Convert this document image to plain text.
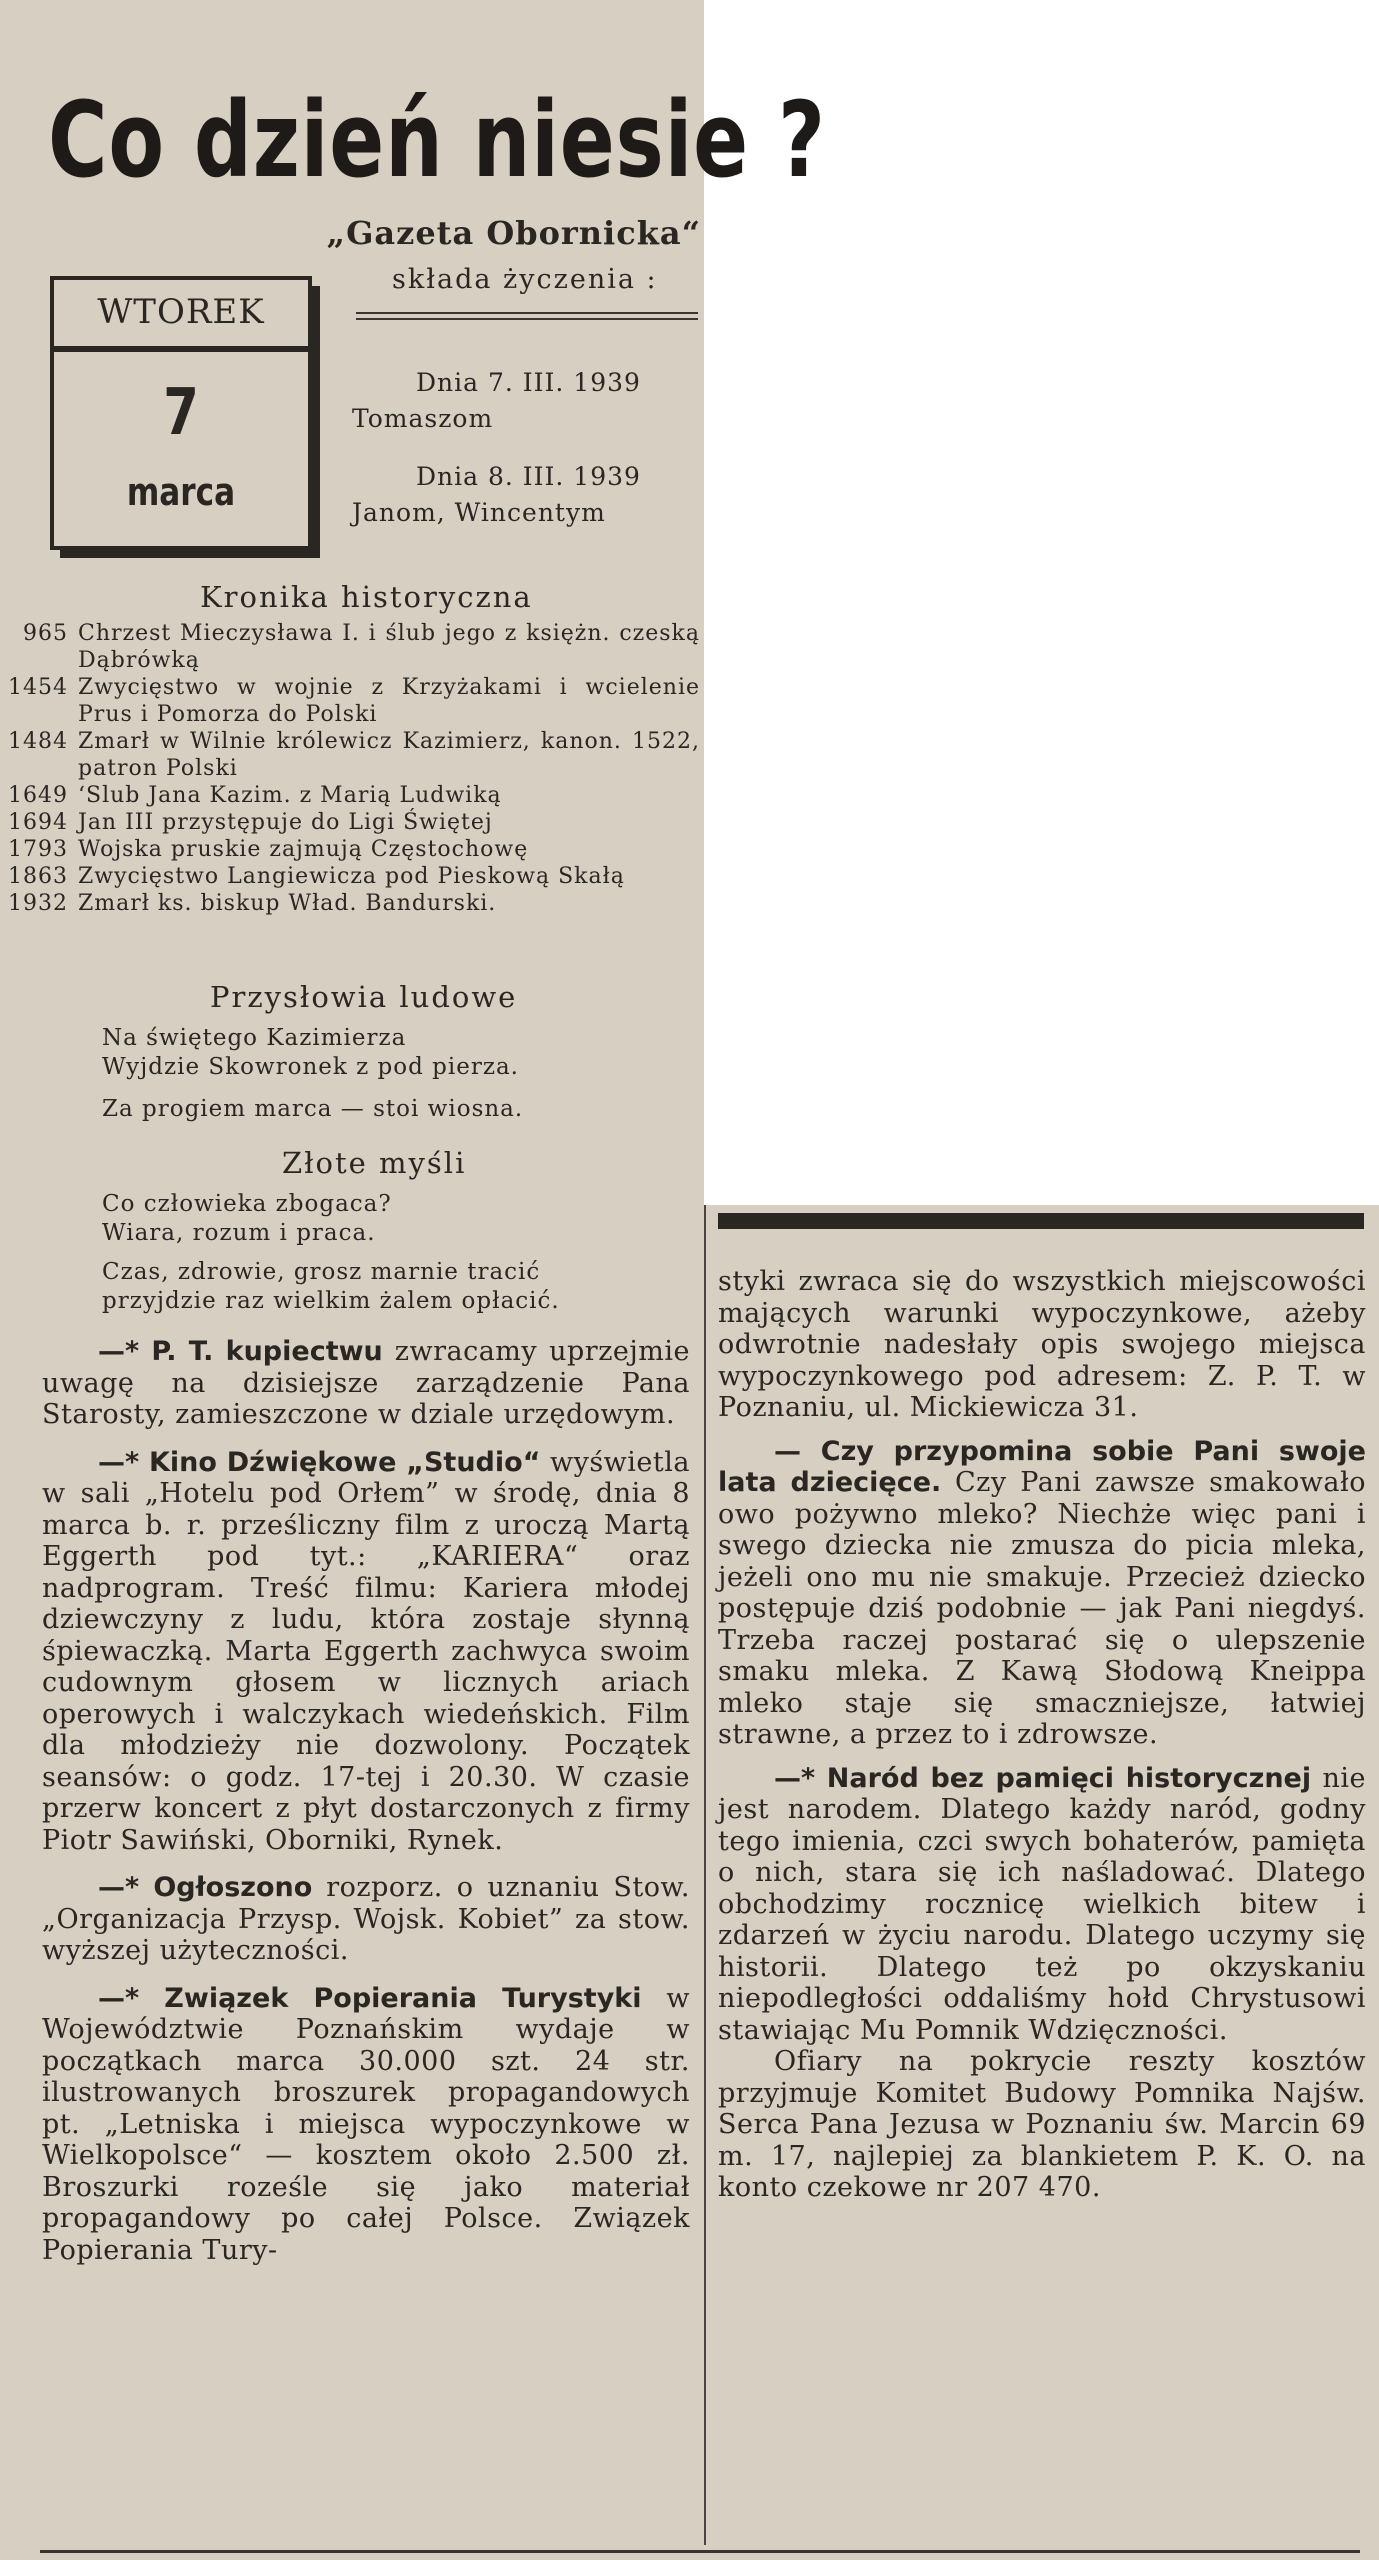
Co dzień niesie ?
„Gazeta Obornicka“
składa życzenia :
WTOREK
7
marca
Dnia 7. III. 1939
Tomaszom
Dnia 8. III. 1939
Janom, Wincentym
Kronika historyczna
965 Chrzest Mieczysława I. i ślub jego z księżn. czeską Dąbrówką
1454 Zwycięstwo w wojnie z Krzyżakami i wcielenie Prus i Pomorza do Polski
1484 Zmarł w Wilnie królewicz Kazimierz, kanon. 1522, patron Polski
1649 ‘Slub Jana Kazim. z Marią Ludwiką
1694 Jan III przystępuje do Ligi Świętej
1793 Wojska pruskie zajmują Częstochowę
1863 Zwycięstwo Langiewicza pod Pieskową Skałą
1932 Zmarł ks. biskup Wład. Bandurski.
Przysłowia ludowe
Na świętego Kazimierza
Wyjdzie Skowronek z pod pierza.
Za progiem marca — stoi wiosna.
Złote myśli
Co człowieka zbogaca?
Wiara, rozum i praca.
Czas, zdrowie, grosz marnie tracić
przyjdzie raz wielkim żalem opłacić.

—* P. T. kupiectwu zwracamy uprzejmie uwagę na dzisiejsze zarządzenie Pana Starosty, zamieszczone w dziale urzędowym.

—* Kino Dźwiękowe „Studio“ wyświetla w sali „Hotelu pod Orłem” w środę, dnia 8 marca b. r. prześliczny film z uroczą Martą Eggerth pod tyt.: „KARIERA“ oraz nadprogram. Treść filmu: Kariera młodej dziewczyny z ludu, która zostaje słynną śpiewaczką. Marta Eggerth zachwyca swoim cudownym głosem w licznych ariach operowych i walczykach wiedeńskich. Film dla młodzieży nie dozwolony. Początek seansów: o godz. 17-tej i 20.30. W czasie przerw koncert z płyt dostarczonych z firmy Piotr Sawiński, Oborniki, Rynek.

—* Ogłoszono rozporz. o uznaniu Stow. „Organizacja Przysp. Wojsk. Kobiet” za stow. wyższej użyteczności.

—* Związek Popierania Turystyki w Województwie Poznańskim wydaje w początkach marca 30.000 szt. 24 str. ilustrowanych broszurek propagandowych pt. „Letniska i miejsca wypoczynkowe w Wielkopolsce“ — kosztem około 2.500 zł. Broszurki roześle się jako materiał propagandowy po całej Polsce. Związek Popierania Tury-

styki zwraca się do wszystkich miejscowości mających warunki wypoczynkowe, ażeby odwrotnie nadesłały opis swojego miejsca wypoczynkowego pod adresem: Z. P. T. w Poznaniu, ul. Mickiewicza 31.

— Czy przypomina sobie Pani swoje lata dziecięce. Czy Pani zawsze smakowało owo pożywno mleko? Niechże więc pani i swego dziecka nie zmusza do picia mleka, jeżeli ono mu nie smakuje. Przecież dziecko postępuje dziś podobnie — jak Pani niegdyś. Trzeba raczej postarać się o ulepszenie smaku mleka. Z Kawą Słodową Kneippa mleko staje się smaczniejsze, łatwiej strawne, a przez to i zdrowsze.

—* Naród bez pamięci historycznej nie jest narodem. Dlatego każdy naród, godny tego imienia, czci swych bohaterów, pamięta o nich, stara się ich naśladować. Dlatego obchodzimy rocznicę wielkich bitew i zdarzeń w życiu narodu. Dlatego uczymy się historii. Dlatego też po okzyskaniu niepodległości oddaliśmy hołd Chrystusowi stawiając Mu Pomnik Wdzięczności.

Ofiary na pokrycie reszty kosztów przyjmuje Komitet Budowy Pomnika Najśw. Serca Pana Jezusa w Poznaniu św. Marcin 69 m. 17, najlepiej za blankietem P. K. O. na konto czekowe nr 207 470.
